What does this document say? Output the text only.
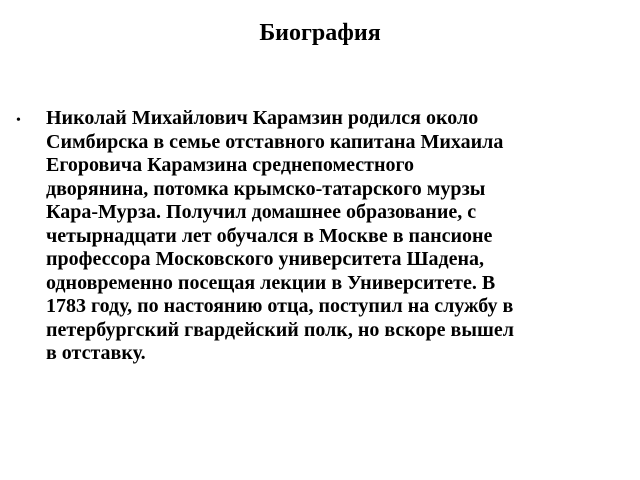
Биография
•	Николай Михайлович Карамзин родился около
Симбирска в семье отставного капитана Михаила
Егоровича Карамзина среднепоместного
дворянина, потомка крымско-татарского мурзы
Кара-Мурза. Получил домашнее образование, с
четырнадцати лет обучался в Москве в пансионе
профессора Московского университета Шадена,
одновременно посещая лекции в Университете. В
1783 году, по настоянию отца, поступил на службу в
петербургский гвардейский полк, но вскоре вышел
в отставку.
